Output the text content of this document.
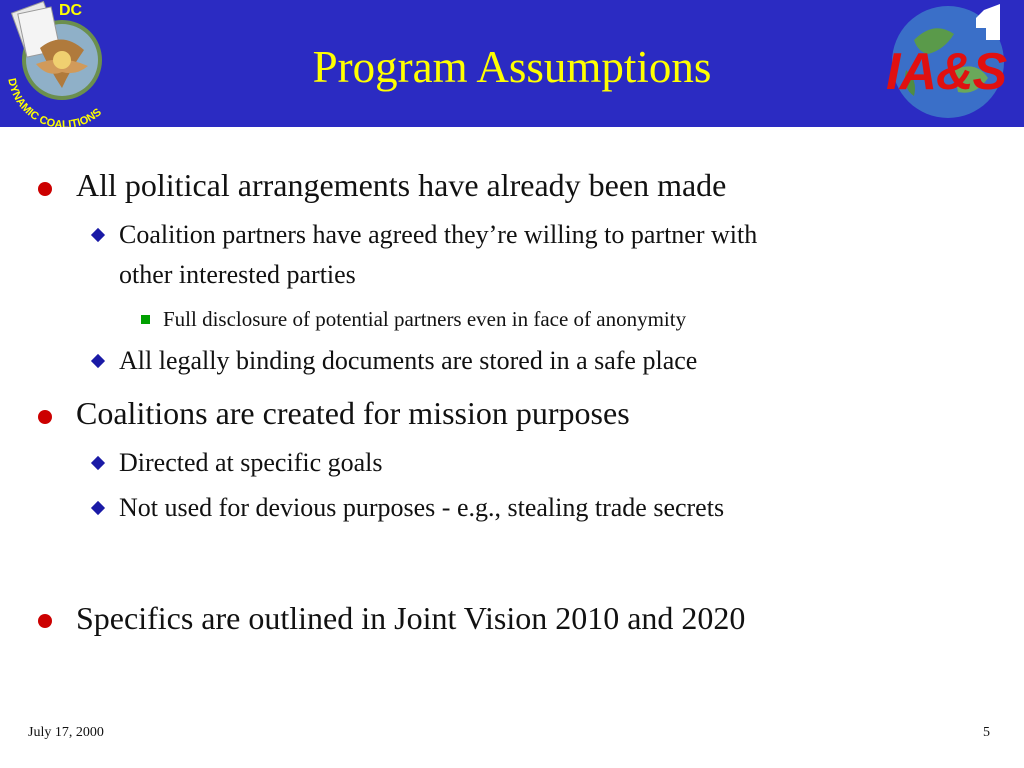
DYNAMIC COALITIONS
DC
Program Assumptions	IA&S
All political arrangements have already been made
Coalition partners have agreed they’re willing to partner with
other interested parties
Full disclosure of potential partners even in face of anonymity
All legally binding documents are stored in a safe place
Coalitions are created for mission purposes
Directed at specific goals
Not used for devious purposes - e.g., stealing trade secrets
Specifics are outlined in Joint Vision 2010 and 2020
July 17, 2000	5
